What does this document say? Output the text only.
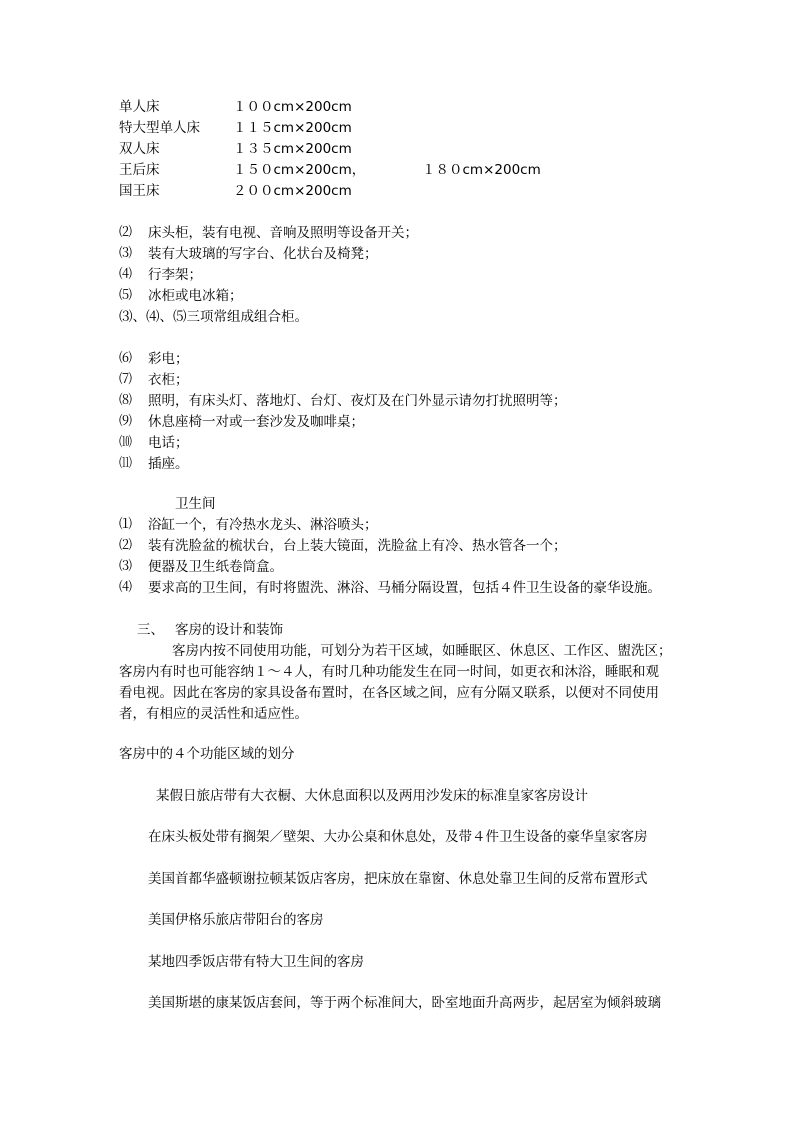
单人床	１００cm×200cm
特大型单人床 １１５cm×200cm
双人床	１３５cm×200cm
王后床	１５０cm×200cm，	１８０cm×200cm
国王床	２００cm×200cm
⑵ 床头柜，装有电视、音响及照明等设备开关；
⑶ 装有大玻璃的写字台、化状台及椅凳；
⑷ 行李架；
⑸ 冰柜或电冰箱；
⑶、⑷、⑸三项常组成组合柜。
⑹ 彩电；
⑺ 衣柜；
⑻ 照明，有床头灯、落地灯、台灯、夜灯及在门外显示请勿打扰照明等；
⑼ 休息座椅一对或一套沙发及咖啡桌；
⑽ 电话；
⑾ 插座。
卫生间
⑴ 浴缸一个，有冷热水龙头、淋浴喷头；
⑵ 装有洗脸盆的梳状台，台上装大镜面，洗脸盆上有冷、热水管各一个；
⑶ 便器及卫生纸卷筒盒。
⑷ 要求高的卫生间，有时将盥洗、淋浴、马桶分隔设置，包括４件卫生设备的豪华设施。
三、 客房的设计和装饰
客房内按不同使用功能，可划分为若干区域，如睡眠区、休息区、工作区、盥洗区；
客房内有时也可能容纳１～４人，有时几种功能发生在同一时间，如更衣和沐浴，睡眠和观
看电视。因此在客房的家具设备布置时，在各区域之间，应有分隔又联系，以便对不同使用
者，有相应的灵活性和适应性。
客房中的４个功能区域的划分
某假日旅店带有大衣橱、大休息面积以及两用沙发床的标准皇家客房设计
在床头板处带有搁架／壁架、大办公桌和休息处，及带４件卫生设备的豪华皇家客房
美国首都华盛顿谢拉顿某饭店客房，把床放在靠窗、休息处靠卫生间的反常布置形式
美国伊格乐旅店带阳台的客房
某地四季饭店带有特大卫生间的客房
美国斯堪的康某饭店套间，等于两个标准间大，卧室地面升高两步，起居室为倾斜玻璃
